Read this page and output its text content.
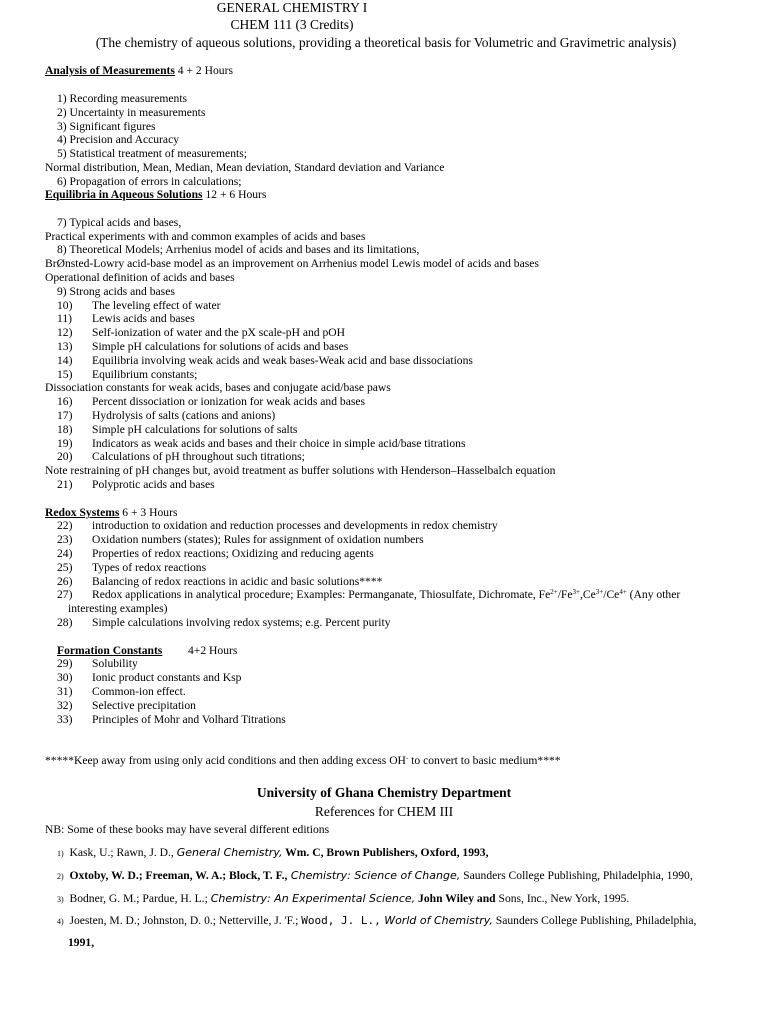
GENERAL CHEMISTRY I
CHEM 111 (3 Credits)
(The chemistry of aqueous solutions, providing a theoretical basis for Volumetric and Gravimetric analysis)
Analysis of Measurements 4 + 2 Hours
1) Recording measurements
2) Uncertainty in measurements
3) Significant figures
4) Precision and Accuracy
5) Statistical treatment of measurements;
Normal distribution, Mean, Median, Mean deviation, Standard deviation and Variance
6) Propagation of errors in calculations;
Equilibria in Aqueous Solutions 12 + 6 Hours
7) Typical acids and bases,
Practical experiments with and common examples of acids and bases
8) Theoretical Models; Arrhenius model of acids and bases and its limitations,
BrØnsted-Lowry acid-base model as an improvement on Arrhenius model Lewis model of acids and bases
Operational definition of acids and bases
9) Strong acids and bases
10) The leveling effect of water
11) Lewis acids and bases
12) Self-ionization of water and the pX scale-pH and pOH
13) Simple pH calculations for solutions of acids and bases
14) Equilibria involving weak acids and weak bases-Weak acid and base dissociations
15) Equilibrium constants;
Dissociation constants for weak acids, bases and conjugate acid/base paws
16) Percent dissociation or ionization for weak acids and bases
17) Hydrolysis of salts (cations and anions)
18) Simple pH calculations for solutions of salts
19) Indicators as weak acids and bases and their choice in simple acid/base titrations
20) Calculations of pH throughout such titrations;
Note restraining of pH changes but, avoid treatment as buffer solutions with Henderson–Hasselbalch equation
21) Polyprotic acids and bases
Redox Systems 6 + 3 Hours
22) introduction to oxidation and reduction processes and developments in redox chemistry
23) Oxidation numbers (states); Rules for assignment of oxidation numbers
24) Properties of redox reactions; Oxidizing and reducing agents
25) Types of redox reactions
26) Balancing of redox reactions in acidic and basic solutions****
27) Redox applications in analytical procedure; Examples: Permanganate, Thiosulfate, Dichromate, $Fe^{2+}/Fe^{3+},Ce^{3+}/Ce^{4+}$ (Any other
interesting examples)
28) Simple calculations involving redox systems; e.g. Percent purity
Formation Constants 4+2 Hours
29) Solubility
30) Ionic product constants and Ksp
31) Common-ion effect.
32) Selective precipitation
33) Principles of Mohr and Volhard Titrations
*****Keep away from using only acid conditions and then adding excess OH- to convert to basic medium****
University of Ghana Chemistry Department
References for CHEM III
NB: Some of these books may have several different editions
1) Kask, U.; Rawn, J. D., General Chemistry, Wm. C, Brown Publishers, Oxford, 1993,
2) Oxtoby, W. D.; Freeman, W. A.; Block, T. F., Chemistry: Science of Change, Saunders College Publishing, Philadelphia, 1990,
3) Bodner, G. M.; Pardue, H. L.; Chemistry: An Experimental Science, John Wiley and Sons, Inc., New York, 1995.
4) Joesten, M. D.; Johnston, D. 0.; Netterville, J. 'F.; Wood, J. L., World of Chemistry, Saunders College Publishing, Philadelphia,
1991,
